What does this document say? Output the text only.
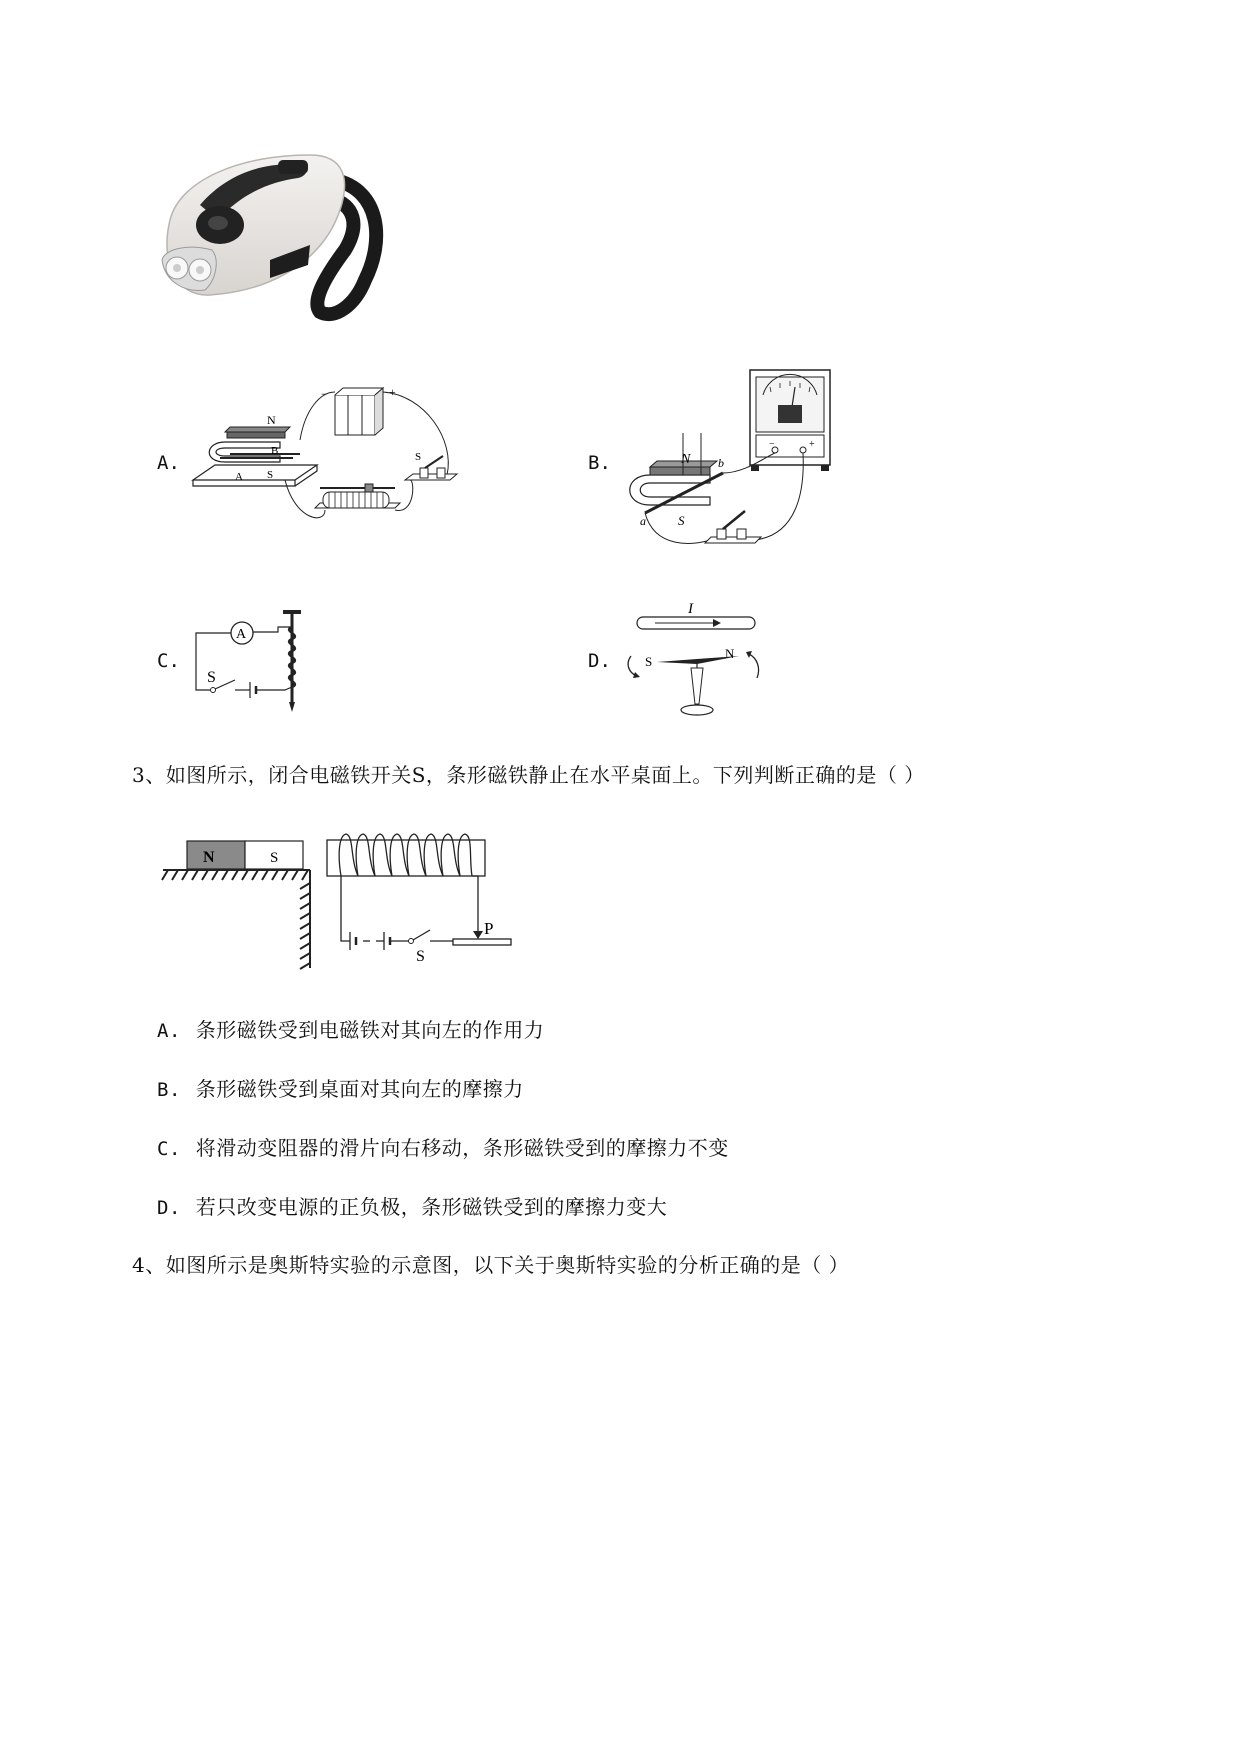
A.
N
B
A S
−	+
S	B.
−	+
N
S
b
a
C.
A
S
D.
I
S
N
3、如图所示，闭合电磁铁开关S，条形磁铁静止在水平桌面上。下列判断正确的是（ ）
N	S
S
P
A. 条形磁铁受到电磁铁对其向左的作用力
B. 条形磁铁受到桌面对其向左的摩擦力
C. 将滑动变阻器的滑片向右移动，条形磁铁受到的摩擦力不变
D. 若只改变电源的正负极，条形磁铁受到的摩擦力变大
4、如图所示是奥斯特实验的示意图，以下关于奥斯特实验的分析正确的是（ ）
